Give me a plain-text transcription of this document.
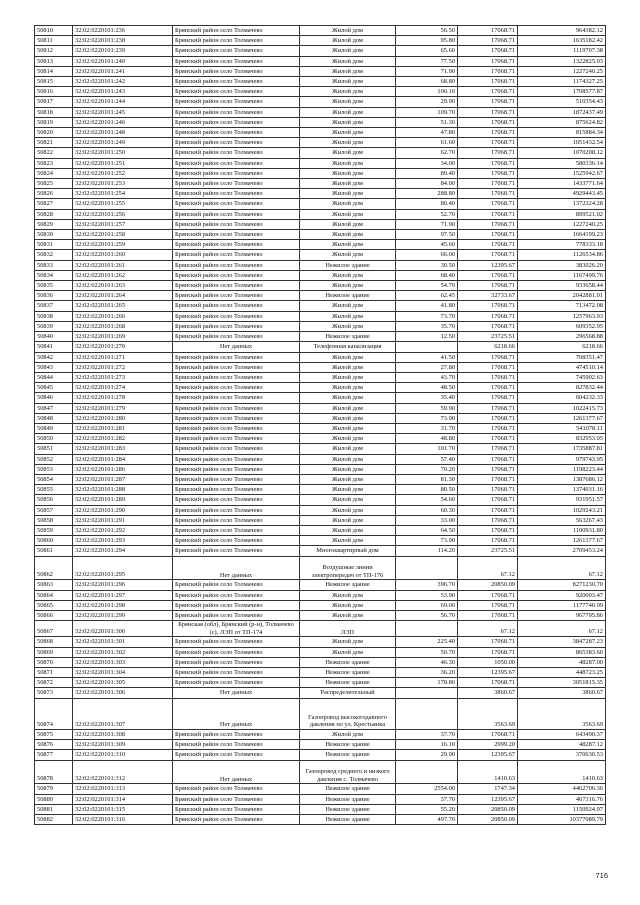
50810	32:02:0220101:236	Брянский район село Толмачево	Жилой дом	56.50	17068.71	964382.12
50811	32:02:0220101:238	Брянский район село Толмачево	Жилой дом	95.80	17068.71	1635182.42
50812	32:02:0220101:239	Брянский район село Толмачево	Жилой дом	65.60	17068.71	1119707.38
50813	32:02:0220101:240	Брянский район село Толмачево	Жилой дом	77.50	17068.71	1322825.03
50814	32:02:0220101:241	Брянский район село Толмачево	Жилой дом	71.90	17068.71	1227240.25
50815	32:02:0220101:242	Брянский район село Толмачево	Жилой дом	68.80	17068.71	1174327.25
50816	32:02:0220101:243	Брянский район село Толмачево	Жилой дом	100.10	17068.71	1708577.87
50817	32:02:0220101:244	Брянский район село Толмачево	Жилой дом	29.90	17068.71	510354.43
50818	32:02:0220101:245	Брянский район село Толмачево	Жилой дом	109.70	17068.71	1872437.49
50819	32:02:0220101:246	Брянский район село Толмачево	Жилой дом	51.30	17068.71	875624.82
50820	32:02:0220101:248	Брянский район село Толмачево	Жилой дом	47.80	17068.71	815884.34
50821	32:02:0220101:249	Брянский район село Толмачево	Жилой дом	61.60	17068.71	1051432.54
50822	32:02:0220101:250	Брянский район село Толмачево	Жилой дом	62.70	17068.71	1070208.12
50823	32:02:0220101:251	Брянский район село Толмачево	Жилой дом	34.00	17068.71	580336.14
50824	32:02:0220101:252	Брянский район село Толмачево	Жилой дом	89.40	17068.71	1525942.67
50825	32:02:0220101:253	Брянский район село Толмачево	Жилой дом	84.00	17068.71	1433771.64
50826	32:02:0220101:254	Брянский район село Толмачево	Жилой дом	288.80	17068.71	4929443.45
50827	32:02:0220101:255	Брянский район село Толмачево	Жилой дом	80.40	17068.71	1372324.28
50828	32:02:0220101:256	Брянский район село Толмачево	Жилой дом	52.70	17068.71	899521.02
50829	32:02:0220101:257	Брянский район село Толмачево	Жилой дом	71.90	17068.71	1227240.25
50830	32:02:0220101:258	Брянский район село Толмачево	Жилой дом	97.50	17068.71	1664199.23
50831	32:02:0220101:259	Брянский район село Толмачево	Жилой дом	45.60	17068.71	778333.18
50832	32:02:0220101:260	Брянский район село Толмачево	Жилой дом	66.00	17068.71	1126534.86
50833	32:02:0220101:261	Брянский район село Толмачево	Нежилое здание	30.50	12395.67	383026.20
50834	32:02:0220101:262	Брянский район село Толмачево	Жилой дом	68.40	17068.71	1167499.76
50835	32:02:0220101:263	Брянский район село Толмачево	Жилой дом	54.70	17068.71	933658.44
50836	32:02:0220101:264	Брянский район село Толмачево	Нежилое здание	62.45	32733.67	2042881.01
50837	32:02:0220101:265	Брянский район село Толмачево	Жилой дом	41.80	17068.71	713472.08
50838	32:02:0220101:266	Брянский район село Толмачево	Жилой дом	73.70	17068.71	1257963.93
50839	32:02:0220101:268	Брянский район село Толмачево	Жилой дом	35.70	17068.71	609352.95
50840	32:02:0220101:269	Брянский район село Толмачево	Нежилое здание	12.50	23725.51	296568.88
50841	32:02:0220101:270	Нет данных	Телефонная канализация		6218.66	6218.66
50842	32:02:0220101:271	Брянский район село Толмачево	Жилой дом	41.50	17068.71	708351.47
50843	32:02:0220101:272	Брянский район село Толмачево	Жилой дом	27.80	17068.71	474510.14
50844	32:02:0220101:273	Брянский район село Толмачево	Жилой дом	43.70	17068.71	745902.63
50845	32:02:0220101:274	Брянский район село Толмачево	Жилой дом	48.50	17068.71	827832.44
50846	32:02:0220101:278	Брянский район село Толмачево	Жилой дом	35.40	17068.71	604232.33
50847	32:02:0220101:279	Брянский район село Толмачево	Жилой дом	59.90	17068.71	1022415.73
50848	32:02:0220101:280	Брянский район село Толмачево	Жилой дом	73.90	17068.71	1261377.67
50849	32:02:0220101:281	Брянский район село Толмачево	Жилой дом	31.70	17068.71	541078.11
50850	32:02:0220101:282	Брянский район село Толмачево	Жилой дом	48.80	17068.71	832953.05
50851	32:02:0220101:283	Брянский район село Толмачево	Жилой дом	101.70	17068.71	1735887.81
50852	32:02:0220101:284	Брянский район село Толмачево	Жилой дом	57.40	17068.71	979743.95
50853	32:02:0220101:286	Брянский район село Толмачево	Жилой дом	70.20	17068.71	1198223.44
50854	32:02:0220101:287	Брянский район село Толмачево	Жилой дом	81.30	17068.71	1387686.12
50855	32:02:0220101:288	Брянский район село Толмачево	Жилой дом	80.50	17068.71	1374031.16
50856	32:02:0220101:289	Брянский район село Толмачево	Жилой дом	54.60	17068.71	931951.57
50857	32:02:0220101:290	Брянский район село Толмачево	Жилой дом	60.30	17068.71	1029243.21
50858	32:02:0220101:291	Брянский район село Толмачево	Жилой дом	33.00	17068.71	563267.43
50859	32:02:0220101:292	Брянский район село Толмачево	Жилой дом	64.50	17068.71	1100931.80
50860	32:02:0220101:293	Брянский район село Толмачево	Жилой дом	73.90	17068.71	1261377.67
50861	32:02:0220101:294	Брянский район село Толмачево	Многоквартирный дом	114.20	23725.51	2709453.24
50862	32:02:0220101:295	Нет данных	Воздушные линии электропередач от ТП-176		67.12	67.12
50863	32:02:0220101:296	Брянский район село Толмачево	Нежилое здание	396.70	20850.09	8271230.70
50864	32:02:0220101:297	Брянский район село Толмачево	Жилой дом	53.90	17068.71	920003.47
50865	32:02:0220101:298	Брянский район село Толмачево	Жилой дом	69.00	17068.71	1177740.99
50866	32:02:0220101:299	Брянский район село Толмачево	Жилой дом	56.70	17068.71	967795.86
50867	32:02:0220101:300	Брянская (обл), Брянский (р-н), Толмачево (с), ЛЭП от ТП-174	ЛЭП		67.12	67.12
50868	32:02:0220101:301	Брянский район село Толмачево	Жилой дом	225.40	17068.71	3847287.23
50869	32:02:0220101:302	Брянский район село Толмачево	Жилой дом	50.70	17068.71	865383.60
50870	32:02:0220101:303	Брянский район село Толмачево	Нежилое здание	46.30	1050.00	48287.00
50871	32:02:0220101:304	Брянский район село Толмачево	Нежилое здание	36.20	12395.67	448723.25
50872	32:02:0220101:305	Брянский район село Толмачево	Нежилое здание	178.80	17068.71	3051815.35
50873	32:02:0220101:306	Нет данных	Распределительный		3860.67	3860.67
50874	32:02:0220101:307	Нет данных	Газопровод высокогодавного давления по ул. Крестьянка		3563.69	3563.69
50875	32:02:0220101:308	Брянский район село Толмачево	Жилой дом	37.70	17068.71	643490.37
50876	32:02:0220101:309	Брянский район село Толмачево	Нежилое здание	16.10	2999.20	48287.12
50877	32:02:0220101:310	Брянский район село Толмачево	Нежилое здание	29.90	12395.67	370630.53
50878	32:02:0220101:312	Нет данных	Газопровод среднего и низкого давления с. Толмачево		1410.63	1410.63
50879	32:02:0220101:313	Брянский район село Толмачево	Нежилое здание	2554.00	1747.34	4462706.36
50880	32:02:0220101:314	Брянский район село Толмачево	Нежилое здание	37.70	12395.67	467316.76
50881	32:02:0220101:315	Брянский район село Толмачево	Нежилое здание	55.20	20850.09	1150924.97
50882	32:02:0220101:316	Брянский район село Толмачево	Нежилое здание	497.70	20850.09	10377089.79
716
